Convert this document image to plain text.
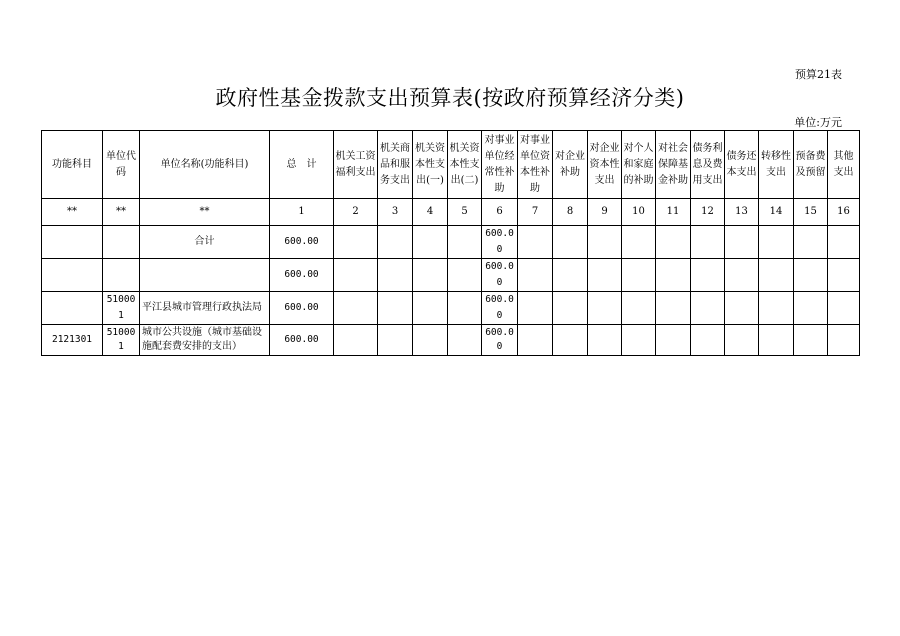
预算21表
政府性基金拨款支出预算表(按政府预算经济分类)
单位:万元
功能科目	单位代码	单位名称(功能科目)	总　计	机关工资福利支出	机关商品和服务支出	机关资本性支出(一)	机关资本性支出(二)	对事业单位经常性补助	对事业单位资本性补助	对企业补助	对企业资本性支出	对个人和家庭的补助	对社会保障基金补助	债务利息及费用支出	债务还本支出	转移性支出	预备费及预留	其他支出
**	**	**	1	2	3	4	5	6	7	8	9	10	11	12	13	14	15	16
		合计	600.00					600.00										
			600.00					600.00										
	510001	平江县城市管理行政执法局	600.00					600.00										
2121301	510001	城市公共设施（城市基础设施配套费安排的支出）	600.00					600.00										
